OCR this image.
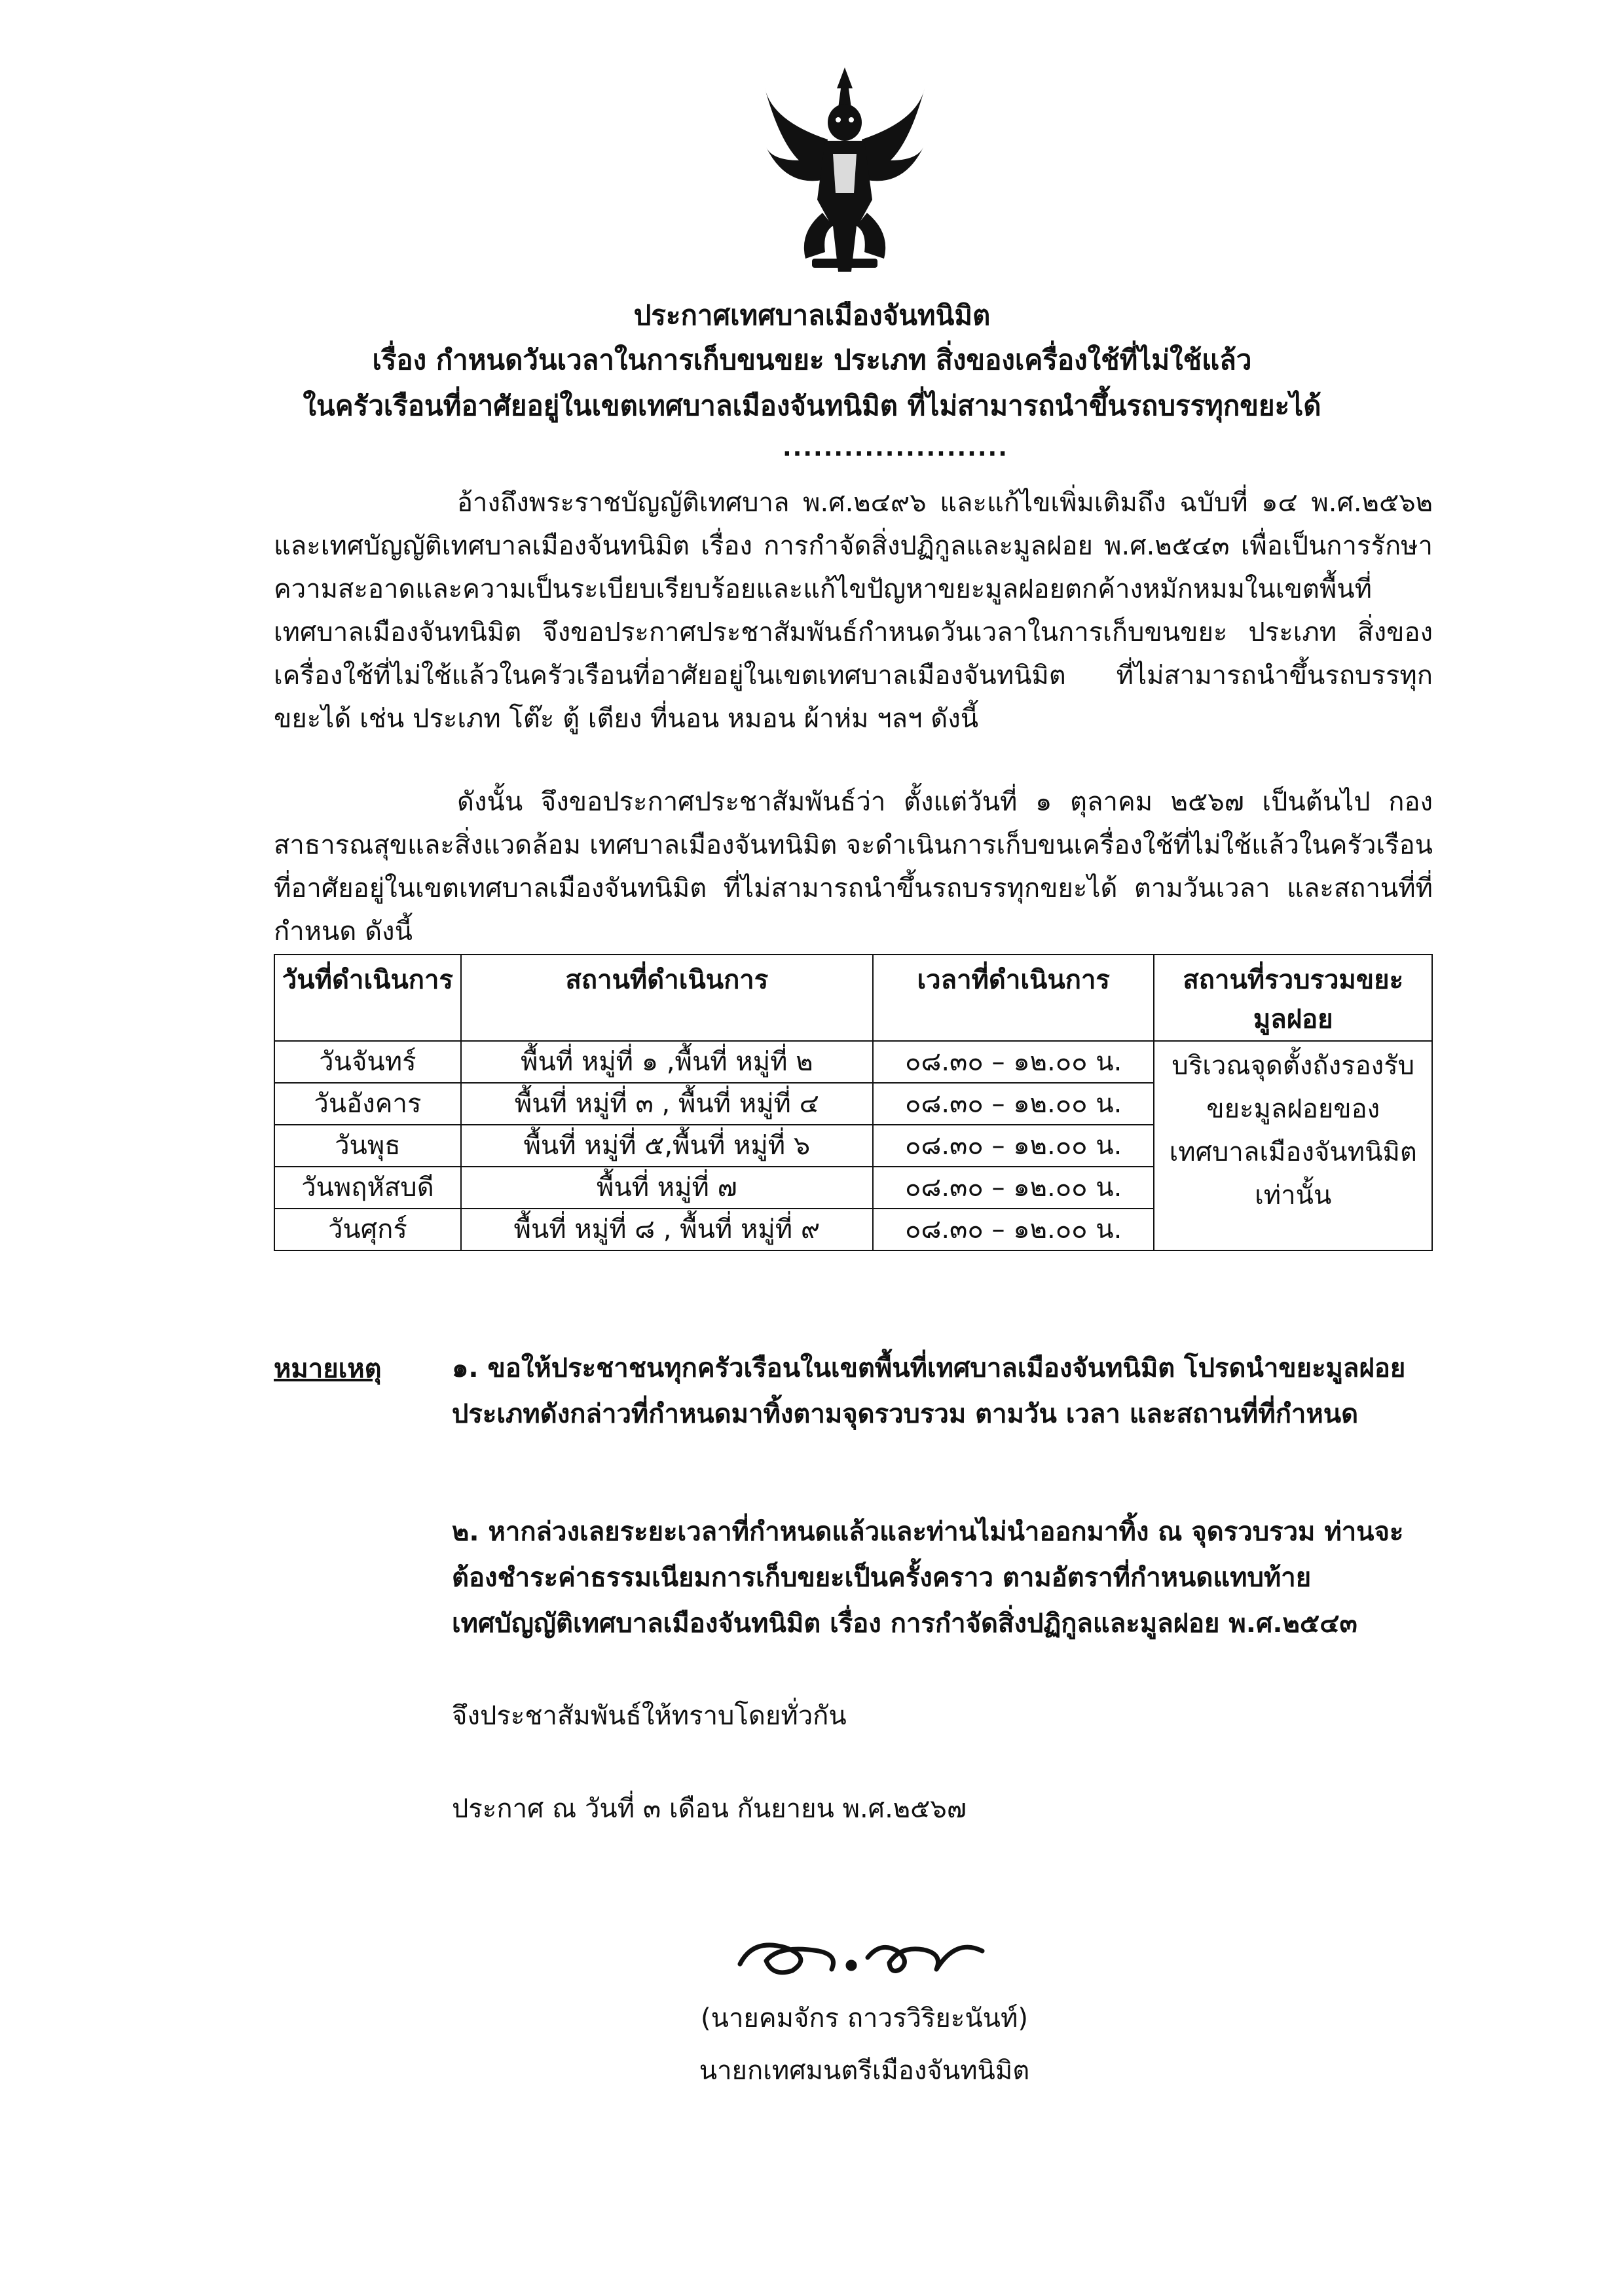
ประกาศเทศบาลเมืองจันทนิมิต
เรื่อง กำหนดวันเวลาในการเก็บขนขยะ ประเภท สิ่งของเครื่องใช้ที่ไม่ใช้แล้ว
ในครัวเรือนที่อาศัยอยู่ในเขตเทศบาลเมืองจันทนิมิต ที่ไม่สามารถนำขึ้นรถบรรทุกขยะได้
......................
อ้างถึงพระราชบัญญัติเทศบาล พ.ศ.๒๔๙๖ และแก้ไขเพิ่มเติมถึง ฉบับที่ ๑๔ พ.ศ.๒๕๖๒ และเทศบัญญัติเทศบาลเมืองจันทนิมิต เรื่อง การกำจัดสิ่งปฏิกูลและมูลฝอย พ.ศ.๒๕๔๓ เพื่อเป็นการรักษาความสะอาดและความเป็นระเบียบเรียบร้อยและแก้ไขปัญหาขยะมูลฝอยตกค้างหมักหมมในเขตพื้นที่เทศบาลเมืองจันทนิมิต จึงขอประกาศประชาสัมพันธ์กำหนดวันเวลาในการเก็บขนขยะ ประเภท สิ่งของเครื่องใช้ที่ไม่ใช้แล้วในครัวเรือนที่อาศัยอยู่ในเขตเทศบาลเมืองจันทนิมิต ที่ไม่สามารถนำขึ้นรถบรรทุกขยะได้ เช่น ประเภท โต๊ะ ตู้ เตียง ที่นอน หมอน ผ้าห่ม ฯลฯ ดังนี้
ดังนั้น จึงขอประกาศประชาสัมพันธ์ว่า ตั้งแต่วันที่ ๑ ตุลาคม ๒๕๖๗ เป็นต้นไป กองสาธารณสุขและสิ่งแวดล้อม เทศบาลเมืองจันทนิมิต จะดำเนินการเก็บขนเครื่องใช้ที่ไม่ใช้แล้วในครัวเรือนที่อาศัยอยู่ในเขตเทศบาลเมืองจันทนิมิต ที่ไม่สามารถนำขึ้นรถบรรทุกขยะได้ ตามวันเวลา และสถานที่ที่กำหนด ดังนี้
วันที่ดำเนินการ	สถานที่ดำเนินการ	เวลาที่ดำเนินการ	สถานที่รวบรวมขยะมูลฝอย
วันจันทร์	พื้นที่ หมู่ที่ ๑ ,พื้นที่ หมู่ที่ ๒	๐๘.๓๐ – ๑๒.๐๐ น.	บริเวณจุดตั้งถังรองรับขยะมูลฝอยของเทศบาลเมืองจันทนิมิตเท่านั้น
วันอังคาร	พื้นที่ หมู่ที่ ๓ , พื้นที่ หมู่ที่ ๔	๐๘.๓๐ – ๑๒.๐๐ น.	
วันพุธ	พื้นที่ หมู่ที่ ๕,พื้นที่ หมู่ที่ ๖	๐๘.๓๐ – ๑๒.๐๐ น.	
วันพฤหัสบดี	พื้นที่ หมู่ที่ ๗	๐๘.๓๐ – ๑๒.๐๐ น.	
วันศุกร์	พื้นที่ หมู่ที่ ๘ , พื้นที่ หมู่ที่ ๙	๐๘.๓๐ – ๑๒.๐๐ น.	
หมายเหตุ	๑. ขอให้ประชาชนทุกครัวเรือนในเขตพื้นที่เทศบาลเมืองจันทนิมิต โปรดนำขยะมูลฝอยประเภทดังกล่าวที่กำหนดมาทิ้งตามจุดรวบรวม ตามวัน เวลา และสถานที่ที่กำหนด
๒. หากล่วงเลยระยะเวลาที่กำหนดแล้วและท่านไม่นำออกมาทิ้ง ณ จุดรวบรวม ท่านจะต้องชำระค่าธรรมเนียมการเก็บขยะเป็นครั้งคราว ตามอัตราที่กำหนดแทบท้ายเทศบัญญัติเทศบาลเมืองจันทนิมิต เรื่อง การกำจัดสิ่งปฏิกูลและมูลฝอย พ.ศ.๒๕๔๓
จึงประชาสัมพันธ์ให้ทราบโดยทั่วกัน
ประกาศ ณ วันที่ ๓ เดือน กันยายน พ.ศ.๒๕๖๗
(นายคมจักร ถาวรวิริยะนันท์)
นายกเทศมนตรีเมืองจันทนิมิต
